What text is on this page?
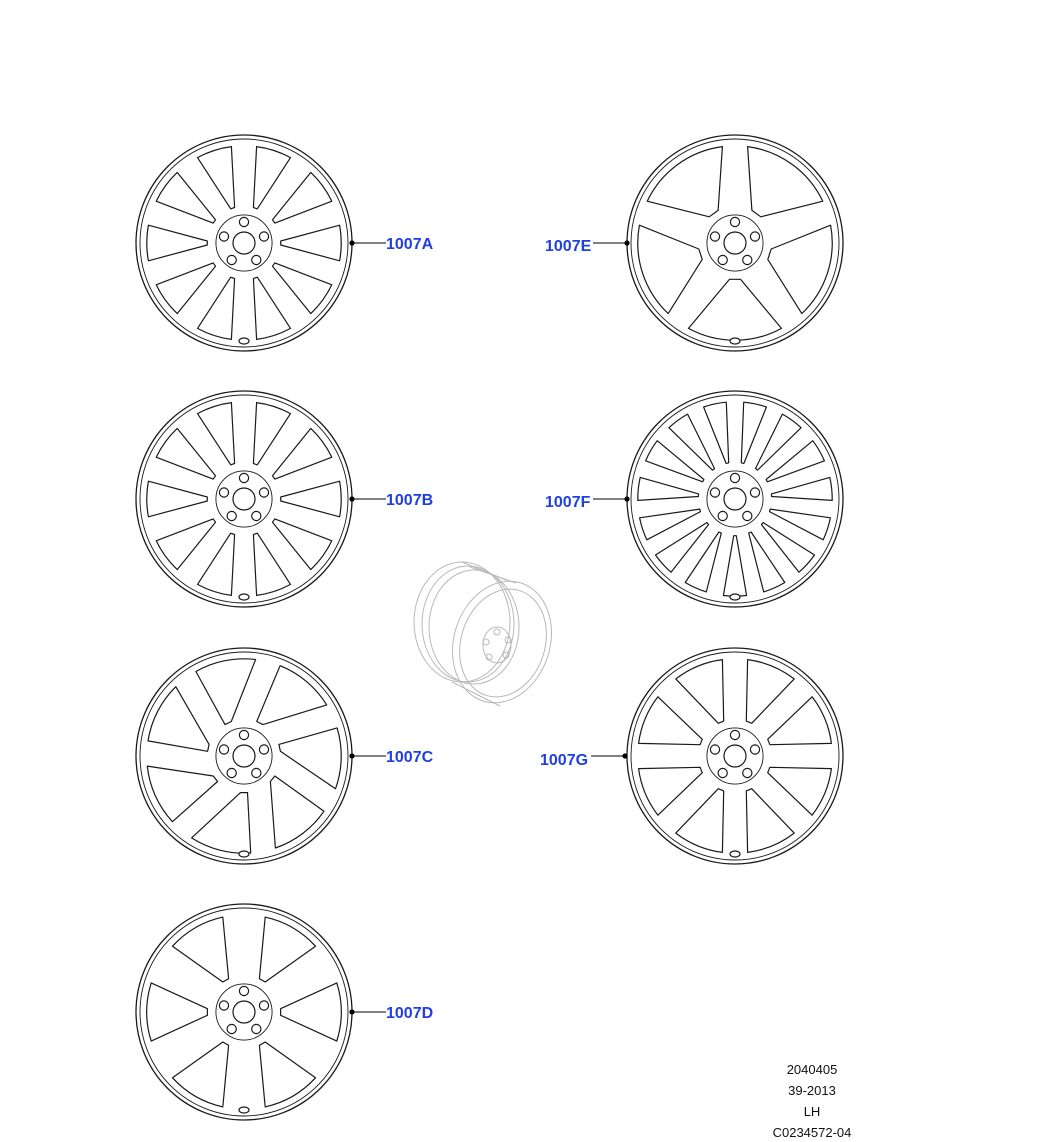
1007A
1007B
1007C
1007D
1007E
1007F
1007G
2040405
39-2013
LH
C0234572-04
